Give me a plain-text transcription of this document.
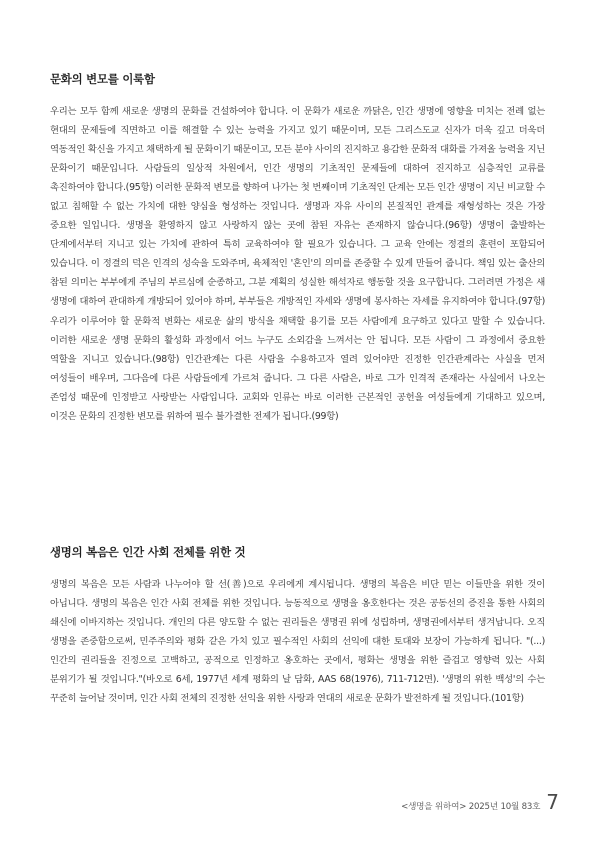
문화의 변모를 이룩함

우리는 모두 함께 새로운 생명의 문화를 건설하여야 합니다. 이 문화가 새로운 까닭은, 인간 생명에 영향을 미치는 전례 없는 현대의 문제들에 직면하고 이를 해결할 수 있는 능력을 가지고 있기 때문이며, 모든 그리스도교 신자가 더욱 깊고 더욱더 역동적인 확신을 가지고 채택하게 될 문화이기 때문이고, 모든 분야 사이의 진지하고 용감한 문화적 대화를 가져올 능력을 지닌 문화이기 때문입니다. 사람들의 일상적 차원에서, 인간 생명의 기초적인 문제들에 대하여 진지하고 심층적인 교류를 촉진하여야 합니다.(95항) 이러한 문화적 변모를 향하여 나가는 첫 번째이며 기초적인 단계는 모든 인간 생명이 지닌 비교할 수 없고 침해할 수 없는 가치에 대한 양심을 형성하는 것입니다. 생명과 자유 사이의 본질적인 관계를 재형성하는 것은 가장 중요한 일입니다. 생명을 환영하지 않고 사랑하지 않는 곳에 참된 자유는 존재하지 않습니다.(96항) 생명이 출발하는 단계에서부터 지니고 있는 가치에 관하여 특히 교육하여야 할 필요가 있습니다. 그 교육 안에는 정결의 훈련이 포함되어 있습니다. 이 정결의 덕은 인격의 성숙을 도와주며, 육체적인 '혼인'의 의미를 존중할 수 있게 만들어 줍니다. 책임 있는 출산의 참된 의미는 부부에게 주님의 부르심에 순종하고, 그분 계획의 성실한 해석자로 행동할 것을 요구합니다. 그러려면 가정은 새 생명에 대하여 관대하게 개방되어 있어야 하며, 부부들은 개방적인 자세와 생명에 봉사하는 자세를 유지하여야 합니다.(97항) 우리가 이루어야 할 문화적 변화는 새로운 삶의 방식을 채택할 용기를 모든 사람에게 요구하고 있다고 말할 수 있습니다. 이러한 새로운 생명 문화의 활성화 과정에서 어느 누구도 소외감을 느껴서는 안 됩니다. 모든 사람이 그 과정에서 중요한 역할을 지니고 있습니다.(98항) 인간관계는 다른 사람을 수용하고자 열려 있어야만 진정한 인간관계라는 사실을 먼저 여성들이 배우며, 그다음에 다른 사람들에게 가르쳐 줍니다. 그 다른 사람은, 바로 그가 인격적 존재라는 사실에서 나오는 존엄성 때문에 인정받고 사랑받는 사람입니다. 교회와 인류는 바로 이러한 근본적인 공헌을 여성들에게 기대하고 있으며, 이것은 문화의 진정한 변모를 위하여 필수 불가결한 전제가 됩니다.(99항)

생명의 복음은 인간 사회 전체를 위한 것

생명의 복음은 모든 사람과 나누어야 할 선(善)으로 우리에게 계시됩니다. 생명의 복음은 비단 믿는 이들만을 위한 것이 아닙니다. 생명의 복음은 인간 사회 전체를 위한 것입니다. 능동적으로 생명을 옹호한다는 것은 공동선의 증진을 통한 사회의 쇄신에 이바지하는 것입니다. 개인의 다른 양도할 수 없는 권리들은 생명권 위에 성립하며, 생명권에서부터 생겨납니다. 오직 생명을 존중함으로써, 민주주의와 평화 같은 가치 있고 필수적인 사회의 선익에 대한 토대와 보장이 가능하게 됩니다. "(...)인간의 권리들을 진정으로 고백하고, 공적으로 인정하고 옹호하는 곳에서, 평화는 생명을 위한 즐겁고 영향력 있는 사회 분위기가 될 것입니다."(바오로 6세, 1977년 세계 평화의 날 담화, AAS 68(1976), 711-712면). '생명의 위한 백성'의 수는 꾸준히 늘어날 것이며, 인간 사회 전체의 진정한 선익을 위한 사랑과 연대의 새로운 문화가 발전하게 될 것입니다.(101항)

<생명을 위하여> 2025년 10월 83호 7
